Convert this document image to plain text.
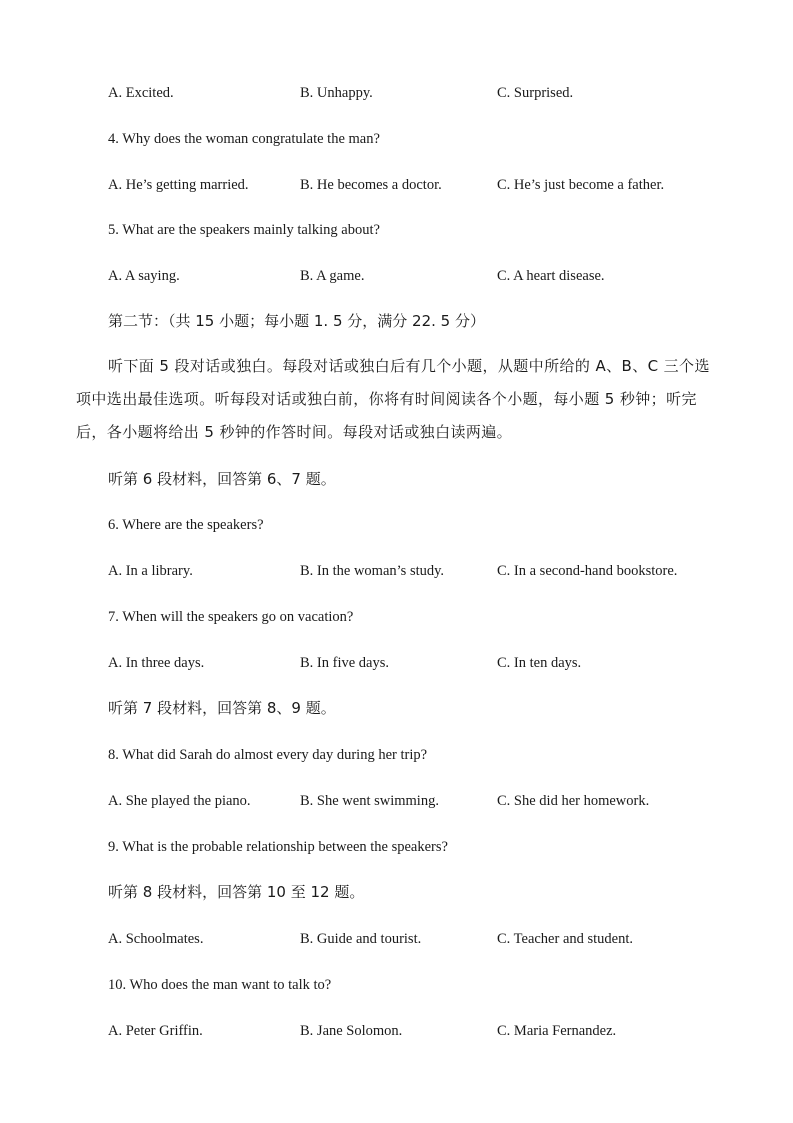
A. Excited.	B. Unhappy.	C. Surprised.
4. Why does the woman congratulate the man?
A. He’s getting married.	B. He becomes a doctor.	C. He’s just become a father.
5. What are the speakers mainly talking about?
A. A saying.	B. A game.	C. A heart disease.
第二节：（共 15 小题；每小题 1. 5 分，满分 22. 5 分）
听下面 5 段对话或独白。每段对话或独白后有几个小题，从题中所给的 A、B、C 三个选项中选出最佳选项。听每段对话或独白前，你将有时间阅读各个小题，每小题 5 秒钟；听完后，各小题将给出 5 秒钟的作答时间。每段对话或独白读两遍。
听第 6 段材料，回答第 6、7 题。
6. Where are the speakers?
A. In a library.	B. In the woman’s study.	C. In a second-hand bookstore.
7. When will the speakers go on vacation?
A. In three days.	B. In five days.	C. In ten days.
听第 7 段材料，回答第 8、9 题。
8. What did Sarah do almost every day during her trip?
A. She played the piano.	B. She went swimming.	C. She did her homework.
9. What is the probable relationship between the speakers?
听第 8 段材料，回答第 10 至 12 题。
A. Schoolmates.	B. Guide and tourist.	C. Teacher and student.
10. Who does the man want to talk to?
A. Peter Griffin.	B. Jane Solomon.	C. Maria Fernandez.
